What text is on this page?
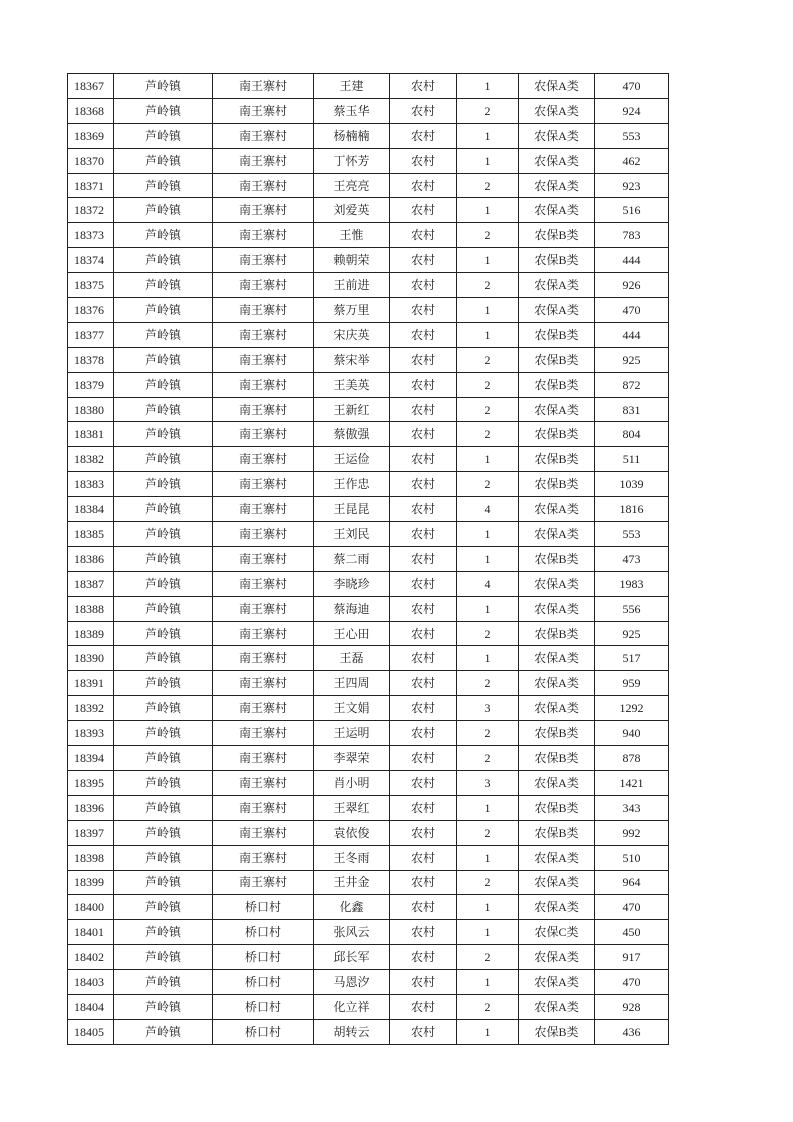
18367	芦岭镇	南王寨村	王建	农村	1	农保A类	470
18368	芦岭镇	南王寨村	蔡玉华	农村	2	农保A类	924
18369	芦岭镇	南王寨村	杨楠楠	农村	1	农保A类	553
18370	芦岭镇	南王寨村	丁怀芳	农村	1	农保A类	462
18371	芦岭镇	南王寨村	王亮亮	农村	2	农保A类	923
18372	芦岭镇	南王寨村	刘爱英	农村	1	农保A类	516
18373	芦岭镇	南王寨村	王惟	农村	2	农保B类	783
18374	芦岭镇	南王寨村	赖朝荣	农村	1	农保B类	444
18375	芦岭镇	南王寨村	王前进	农村	2	农保A类	926
18376	芦岭镇	南王寨村	蔡万里	农村	1	农保A类	470
18377	芦岭镇	南王寨村	宋庆英	农村	1	农保B类	444
18378	芦岭镇	南王寨村	蔡宋举	农村	2	农保B类	925
18379	芦岭镇	南王寨村	王美英	农村	2	农保B类	872
18380	芦岭镇	南王寨村	王新红	农村	2	农保A类	831
18381	芦岭镇	南王寨村	蔡傲强	农村	2	农保B类	804
18382	芦岭镇	南王寨村	王运俭	农村	1	农保B类	511
18383	芦岭镇	南王寨村	王作忠	农村	2	农保B类	1039
18384	芦岭镇	南王寨村	王昆昆	农村	4	农保A类	1816
18385	芦岭镇	南王寨村	王刘民	农村	1	农保A类	553
18386	芦岭镇	南王寨村	蔡二雨	农村	1	农保B类	473
18387	芦岭镇	南王寨村	李晓珍	农村	4	农保A类	1983
18388	芦岭镇	南王寨村	蔡海迪	农村	1	农保A类	556
18389	芦岭镇	南王寨村	王心田	农村	2	农保B类	925
18390	芦岭镇	南王寨村	王磊	农村	1	农保A类	517
18391	芦岭镇	南王寨村	王四周	农村	2	农保A类	959
18392	芦岭镇	南王寨村	王文娟	农村	3	农保A类	1292
18393	芦岭镇	南王寨村	王运明	农村	2	农保B类	940
18394	芦岭镇	南王寨村	李翠荣	农村	2	农保B类	878
18395	芦岭镇	南王寨村	肖小明	农村	3	农保A类	1421
18396	芦岭镇	南王寨村	王翠红	农村	1	农保B类	343
18397	芦岭镇	南王寨村	袁依俊	农村	2	农保B类	992
18398	芦岭镇	南王寨村	王冬雨	农村	1	农保A类	510
18399	芦岭镇	南王寨村	王井金	农村	2	农保A类	964
18400	芦岭镇	桥口村	化鑫	农村	1	农保A类	470
18401	芦岭镇	桥口村	张风云	农村	1	农保C类	450
18402	芦岭镇	桥口村	邱长军	农村	2	农保A类	917
18403	芦岭镇	桥口村	马恩汐	农村	1	农保A类	470
18404	芦岭镇	桥口村	化立祥	农村	2	农保A类	928
18405	芦岭镇	桥口村	胡转云	农村	1	农保B类	436
